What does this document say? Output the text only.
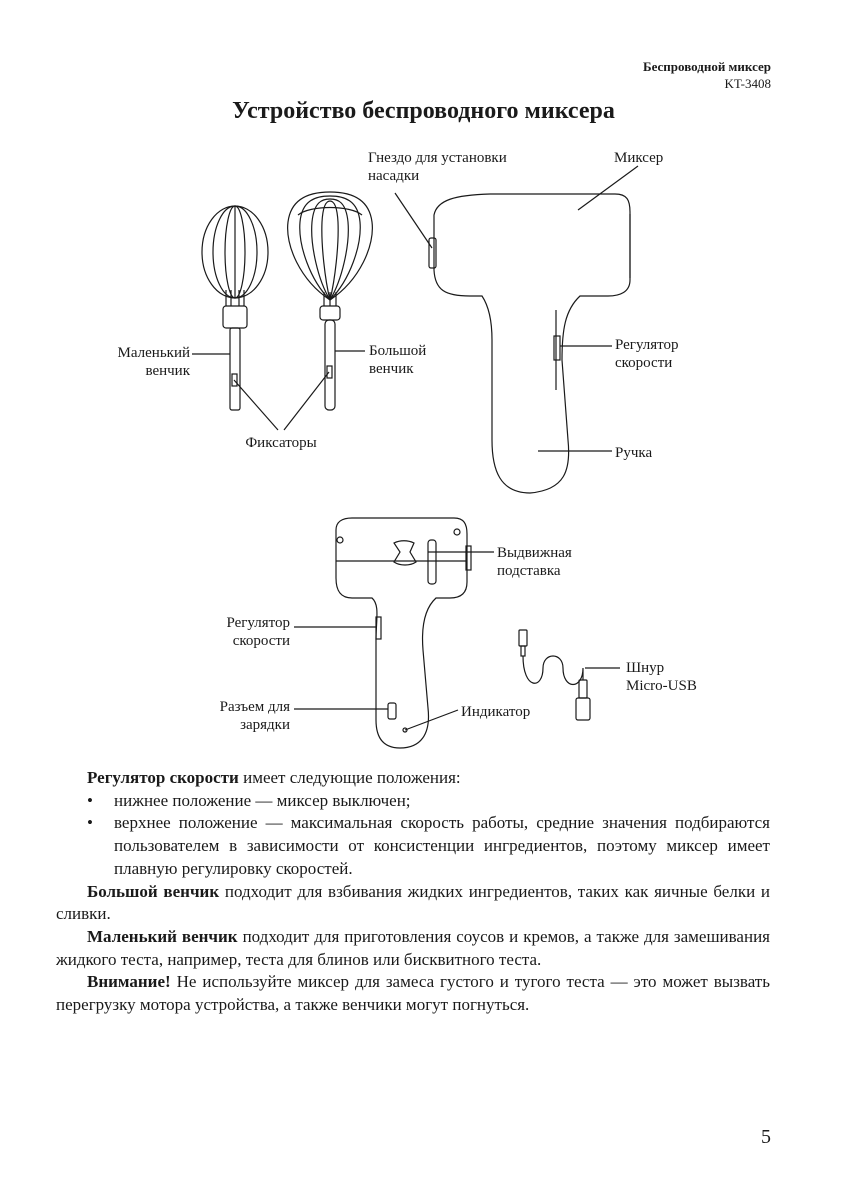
Беспроводной миксер
KT-3408
Устройство беспроводного миксера
Гнездо для установки
насадки
Миксер
Маленький
венчик
Большой
венчик
Фиксаторы
Регулятор
скорости
Ручка
Выдвижная
подставка
Регулятор
скорости
Шнур
Micro-USB
Разъем для
зарядки
Индикатор

Регулятор скорости имеет следующие положения:

• нижнее положение — миксер выключен;
• верхнее положение — максимальная скорость работы, средние значения подбираются пользователем в зависимости от консистенции ингредиентов, поэтому миксер имеет плавную регулировку скоростей.

Большой венчик подходит для взбивания жидких ингредиентов, таких как яичные белки и сливки.

Маленький венчик подходит для приготовления соусов и кремов, а также для замешивания жидкого теста, например, теста для блинов или бисквитного теста.

Внимание! Не используйте миксер для замеса густого и тугого теста — это может вызвать перегрузку мотора устройства, а также венчики могут погнуться.

5
